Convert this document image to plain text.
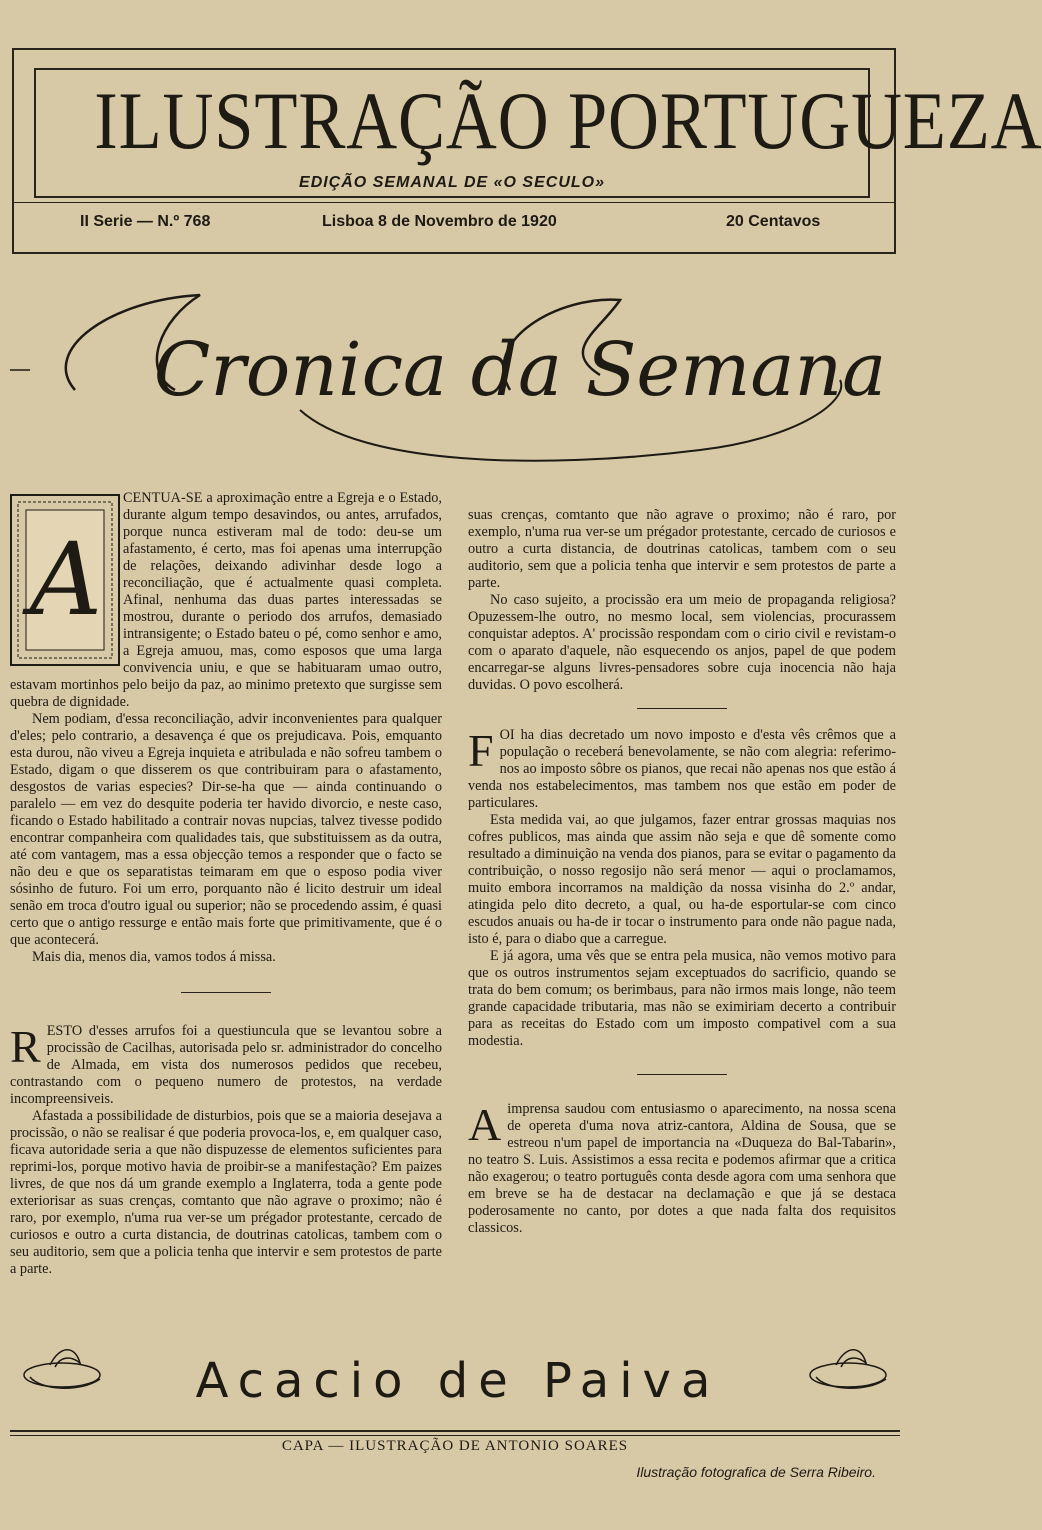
ILUSTRAÇÃO PORTUGUEZA
EDIÇÃO SEMANAL DE «O SECULO»
II Serie — N.º 768	Lisboa 8 de Novembro de 1920	20 Centavos
Cronica da Semana
A

CENTUA-SE a aproximação entre a Egreja e o Estado, durante algum tempo desavindos, ou antes, arrufados, porque nunca estiveram mal de todo: deu-se um afastamento, é certo, mas foi apenas uma interrupção de relações, deixando adivinhar desde logo a reconciliação, que é actualmente quasi completa. Afinal, nenhuma das duas partes interessadas se mostrou, durante o periodo dos arrufos, demasiado intransigente; o Estado bateu o pé, como senhor e amo, a Egreja amuou, mas, como esposos que uma larga convivencia uniu, e que se habituaram umao outro, estavam mortinhos pelo beijo da paz, ao minimo pretexto que surgisse sem quebra de dignidade.

Nem podiam, d'essa reconciliação, advir inconvenientes para qualquer d'eles; pelo contrario, a desavença é que os prejudicava. Pois, emquanto esta durou, não viveu a Egreja inquieta e atribulada e não sofreu tambem o Estado, digam o que disserem os que contribuiram para o afastamento, desgostos de varias especies? Dir-se-ha que — ainda continuando o paralelo — em vez do desquite poderia ter havido divorcio, e neste caso, ficando o Estado habilitado a contrair novas nupcias, talvez tivesse podido encontrar companheira com qualidades tais, que substituissem as da outra, até com vantagem, mas a essa objecção temos a responder que o facto se não deu e que os separatistas teimaram em que o esposo podia viver sósinho de futuro. Foi um erro, porquanto não é licito destruir um ideal senão em troca d'outro igual ou superior; não se procedendo assim, é quasi certo que o antigo ressurge e então mais forte que primitivamente, que é o que acontecerá.

Mais dia, menos dia, vamos todos á missa.

RESTO d'esses arrufos foi a questiuncula que se levantou sobre a procissão de Cacilhas, autorisada pelo sr. administrador do concelho de Almada, em vista dos numerosos pedidos que recebeu, contrastando com o pequeno numero de protestos, na verdade incompreensiveis.

Afastada a possibilidade de disturbios, pois que se a maioria desejava a procissão, o não se realisar é que poderia provoca-los, e, em qualquer caso, ficava autoridade seria a que não dispuzesse de elementos suficientes para reprimi-los, porque motivo havia de proibir-se a manifestação? Em paizes livres, de que nos dá um grande exemplo a Inglaterra, toda a gente pode exteriorisar as suas crenças, comtanto que não agrave o proximo; não é raro, por exemplo, n'uma rua ver-se um prégador protestante, cercado de curiosos e outro a curta distancia, de doutrinas catolicas, tambem com o seu auditorio, sem que a policia tenha que intervir e sem protestos de parte a parte.

suas crenças, comtanto que não agrave o proximo; não é raro, por exemplo, n'uma rua ver-se um prégador protestante, cercado de curiosos e outro a curta distancia, de doutrinas catolicas, tambem com o seu auditorio, sem que a policia tenha que intervir e sem protestos de parte a parte.

No caso sujeito, a procissão era um meio de propaganda religiosa? Opuzessem-lhe outro, no mesmo local, sem violencias, procurassem conquistar adeptos. A' procissão respondam com o cirio civil e revistam-o com o aparato d'aquele, não esquecendo os anjos, papel de que podem encarregar-se alguns livres-pensadores sobre cuja inocencia não haja duvidas. O povo escolherá.

FOI ha dias decretado um novo imposto e d'esta vês crêmos que a população o receberá benevolamente, se não com alegria: referimo-nos ao imposto sôbre os pianos, que recai não apenas nos que estão á venda nos estabelecimentos, mas tambem nos que estão em poder de particulares.

Esta medida vai, ao que julgamos, fazer entrar grossas maquias nos cofres publicos, mas ainda que assim não seja e que dê somente como resultado a diminuição na venda dos pianos, para se evitar o pagamento da contribuição, o nosso regosijo não será menor — aqui o proclamamos, muito embora incorramos na maldição da nossa visinha do 2.º andar, atingida pelo dito decreto, a qual, ou ha-de esportular-se com cinco escudos anuais ou ha-de ir tocar o instrumento para onde não pague nada, isto é, para o diabo que a carregue.

E já agora, uma vês que se entra pela musica, não vemos motivo para que os outros instrumentos sejam exceptuados do sacrificio, quando se trata do bem comum; os berimbaus, para não irmos mais longe, não teem grande capacidade tributaria, mas não se eximiriam decerto a contribuir para as receitas do Estado com um imposto compativel com a sua modestia.

Aimprensa saudou com entusiasmo o aparecimento, na nossa scena de opereta d'uma nova atriz-cantora, Aldina de Sousa, que se estreou n'um papel de importancia na «Duqueza do Bal-Tabarin», no teatro S. Luis. Assistimos a essa recita e podemos afirmar que a critica não exagerou; o teatro português conta desde agora com uma senhora que em breve se ha de destacar na declamação e que já se destaca poderosamente no canto, por dotes a que nada falta dos requisitos classicos.

Acacio de Paiva
CAPA — ILUSTRAÇÃO DE ANTONIO SOARES
Ilustração fotografica de Serra Ribeiro.
